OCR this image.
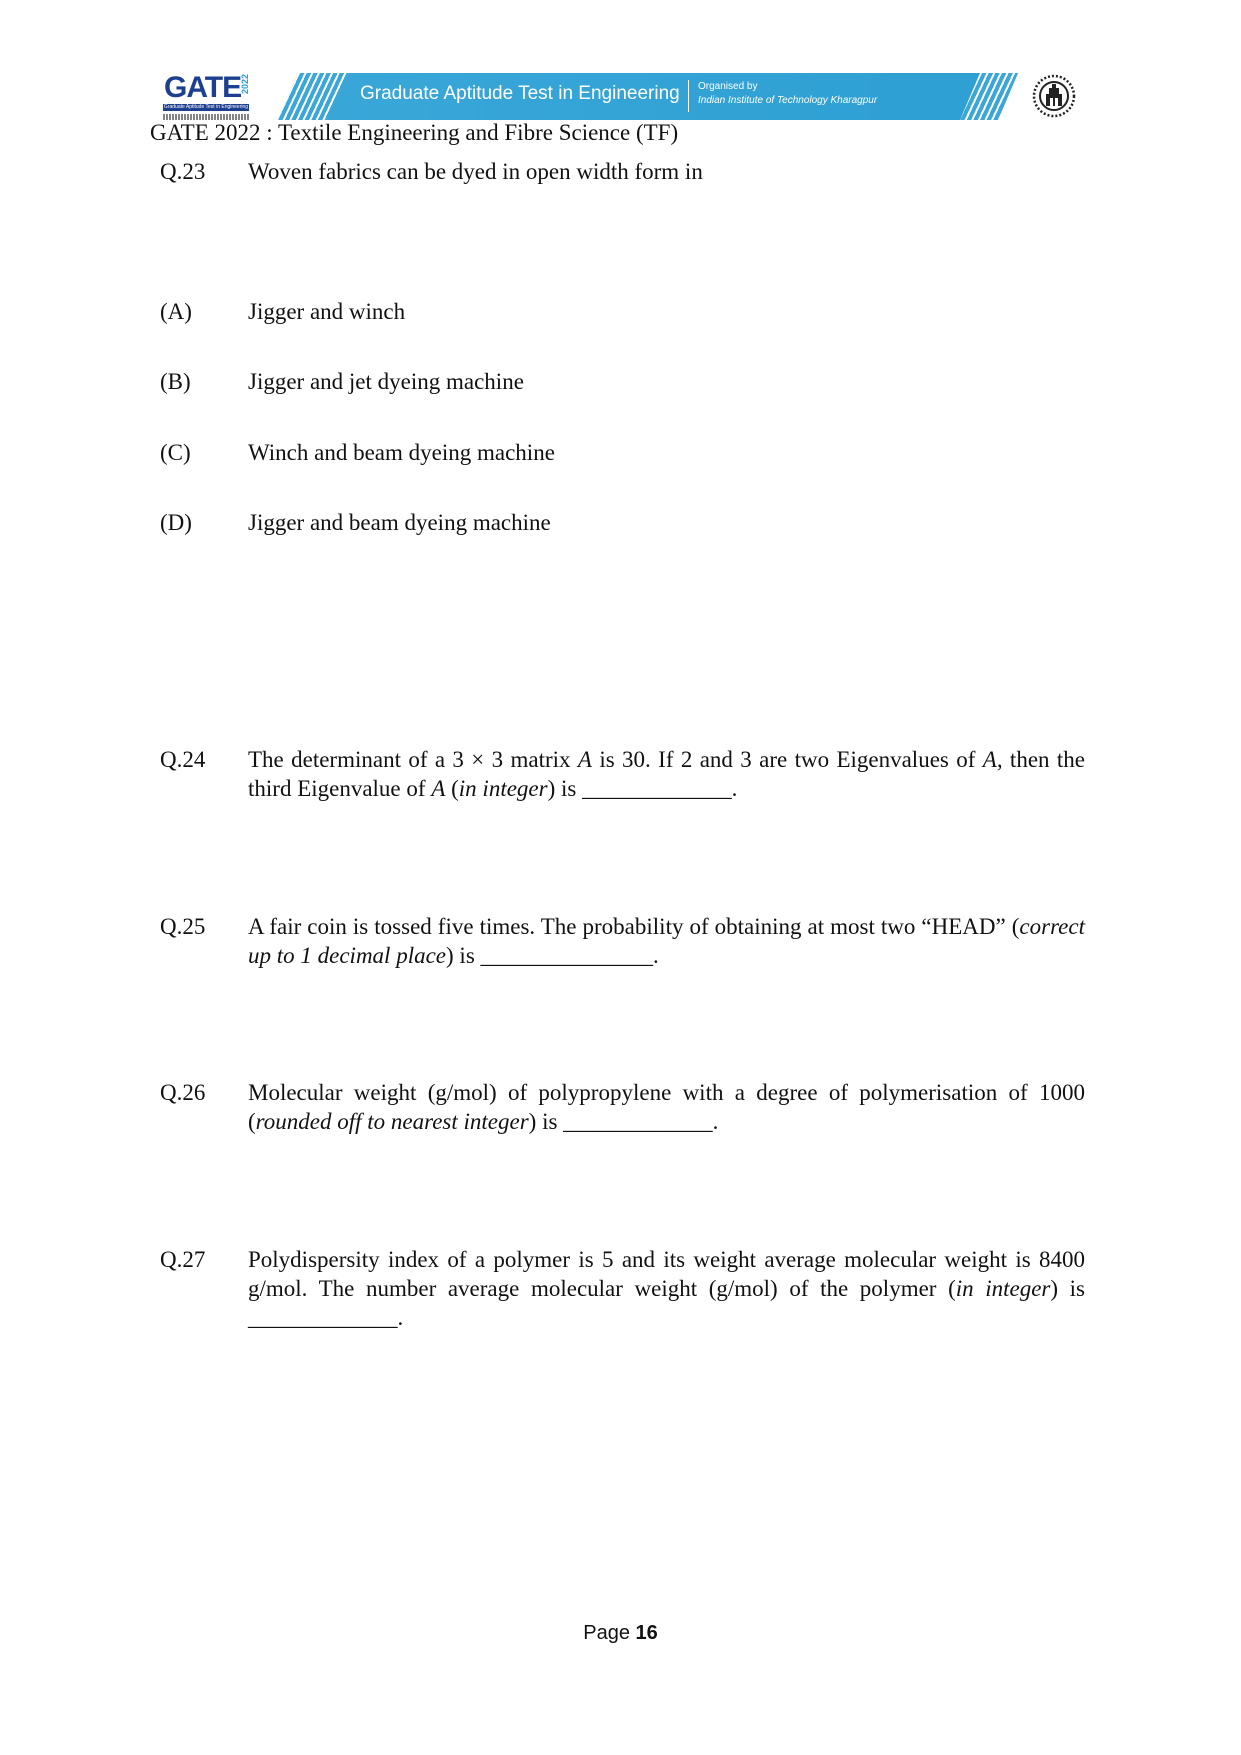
GATE
2022
Graduate Aptitude Test in Engineering
Graduate Aptitude Test in Engineering Organised by
Indian Institute of Technology Kharagpur
GATE 2022 : Textile Engineering and Fibre Science (TF)
Q.23 Woven fabrics can be dyed in open width form in
(A) Jigger and winch
(B) Jigger and jet dyeing machine
(C) Winch and beam dyeing machine
(D) Jigger and beam dyeing machine
Q.24 The determinant of a 3 × 3 matrix A is 30. If 2 and 3 are two Eigenvalues of A, then the third Eigenvalue of A (in integer) is _____________.
Q.25 A fair coin is tossed five times. The probability of obtaining at most two “HEAD” (correct up to 1 decimal place) is _______________.
Q.26 Molecular weight (g/mol) of polypropylene with a degree of polymerisation of 1000 (rounded off to nearest integer) is _____________.
Q.27 Polydispersity index of a polymer is 5 and its weight average molecular weight is 8400 g/mol. The number average molecular weight (g/mol) of the polymer (in integer) is _____________.
Page 16
